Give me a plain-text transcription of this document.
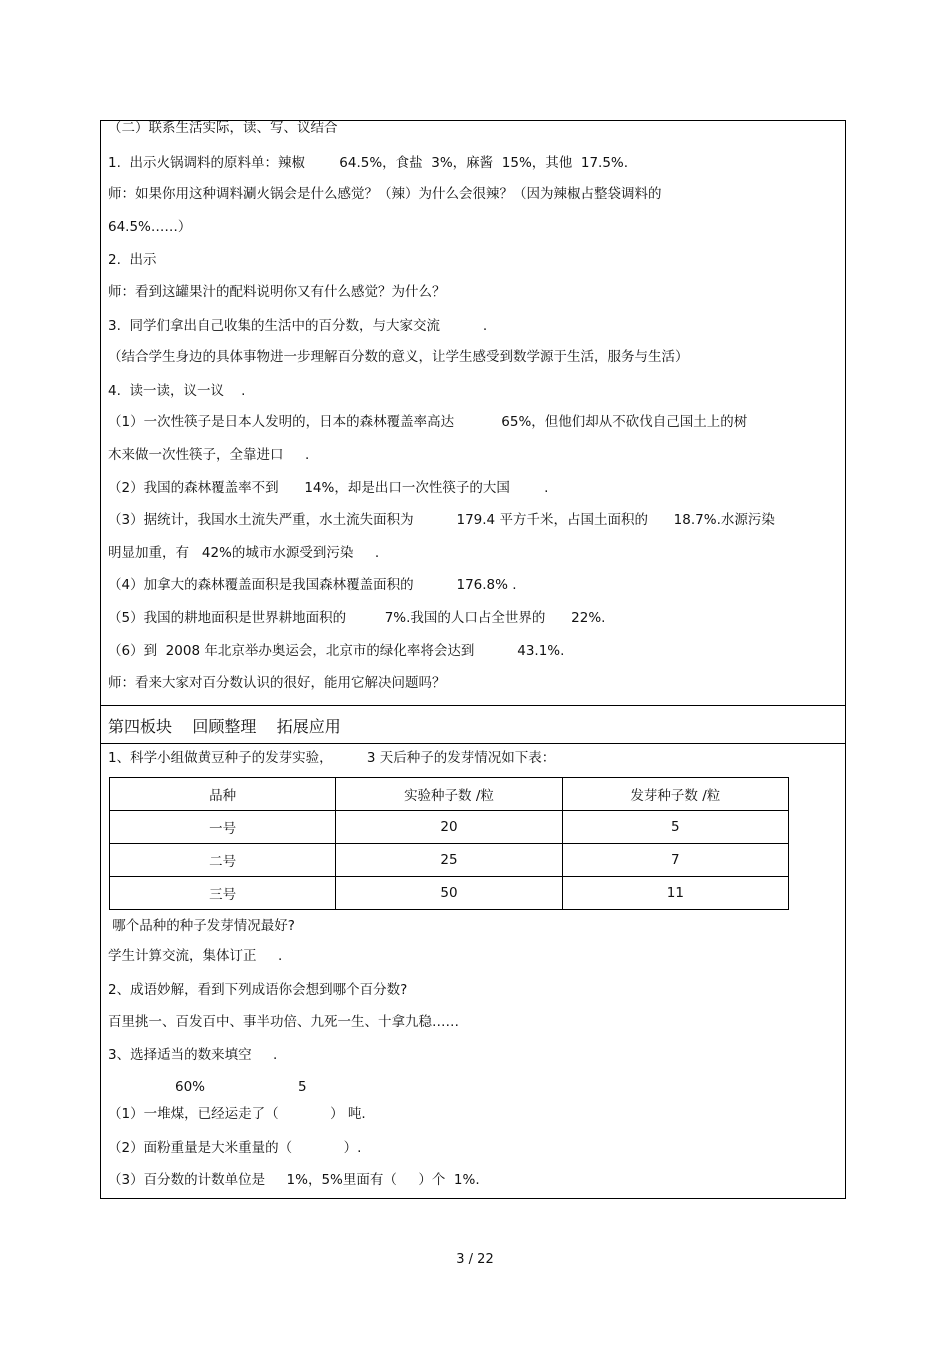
（二）联系生活实际，读、写、议结合
1.  出示火锅调料的原料单：辣椒        64.5%，食盐  3%，麻酱  15%，其他  17.5%.
师：如果你用这种调料涮火锅会是什么感觉？（辣）为什么会很辣？（因为辣椒占整袋调料的
64.5%……）
2.  出示
师：看到这罐果汁的配料说明你又有什么感觉？为什么？
3.  同学们拿出自己收集的生活中的百分数，与大家交流          .
（结合学生身边的具体事物进一步理解百分数的意义，让学生感受到数学源于生活，服务与生活）
4.  读一读，议一议    .
（1）一次性筷子是日本人发明的，日本的森林覆盖率高达           65%，但他们却从不砍伐自己国土上的树
木来做一次性筷子，全靠进口     .
（2）我国的森林覆盖率不到      14%，却是出口一次性筷子的大国        .
（3）据统计，我国水土流失严重，水土流失面积为          179.4 平方千米，占国土面积的      18.7%.水源污染
明显加重，有   42%的城市水源受到污染     .
（4）加拿大的森林覆盖面积是我国森林覆盖面积的          176.8% .
（5）我国的耕地面积是世界耕地面积的         7%.我国的人口占全世界的      22%.
（6）到  2008 年北京举办奥运会，北京市的绿化率将会达到          43.1%.
师：看来大家对百分数认识的很好，能用它解决问题吗？
第四板块    回顾整理    拓展应用
1、科学小组做黄豆种子的发芽实验，        3 天后种子的发芽情况如下表：
品种	实验种子数 /粒	发芽种子数 /粒
一号	20	5
二号	25	7
三号	50	11
哪个品种的种子发芽情况最好?
学生计算交流，集体订正     .
2、成语妙解，看到下列成语你会想到哪个百分数?
百里挑一、百发百中、事半功倍、九死一生、十拿九稳……
3、选择适当的数来填空     .
60%	5
（1）一堆煤，已经运走了（            ） 吨.
（2）面粉重量是大米重量的（            ）.
（3）百分数的计数单位是     1%，5%里面有（     ）个  1%.
3 / 22
